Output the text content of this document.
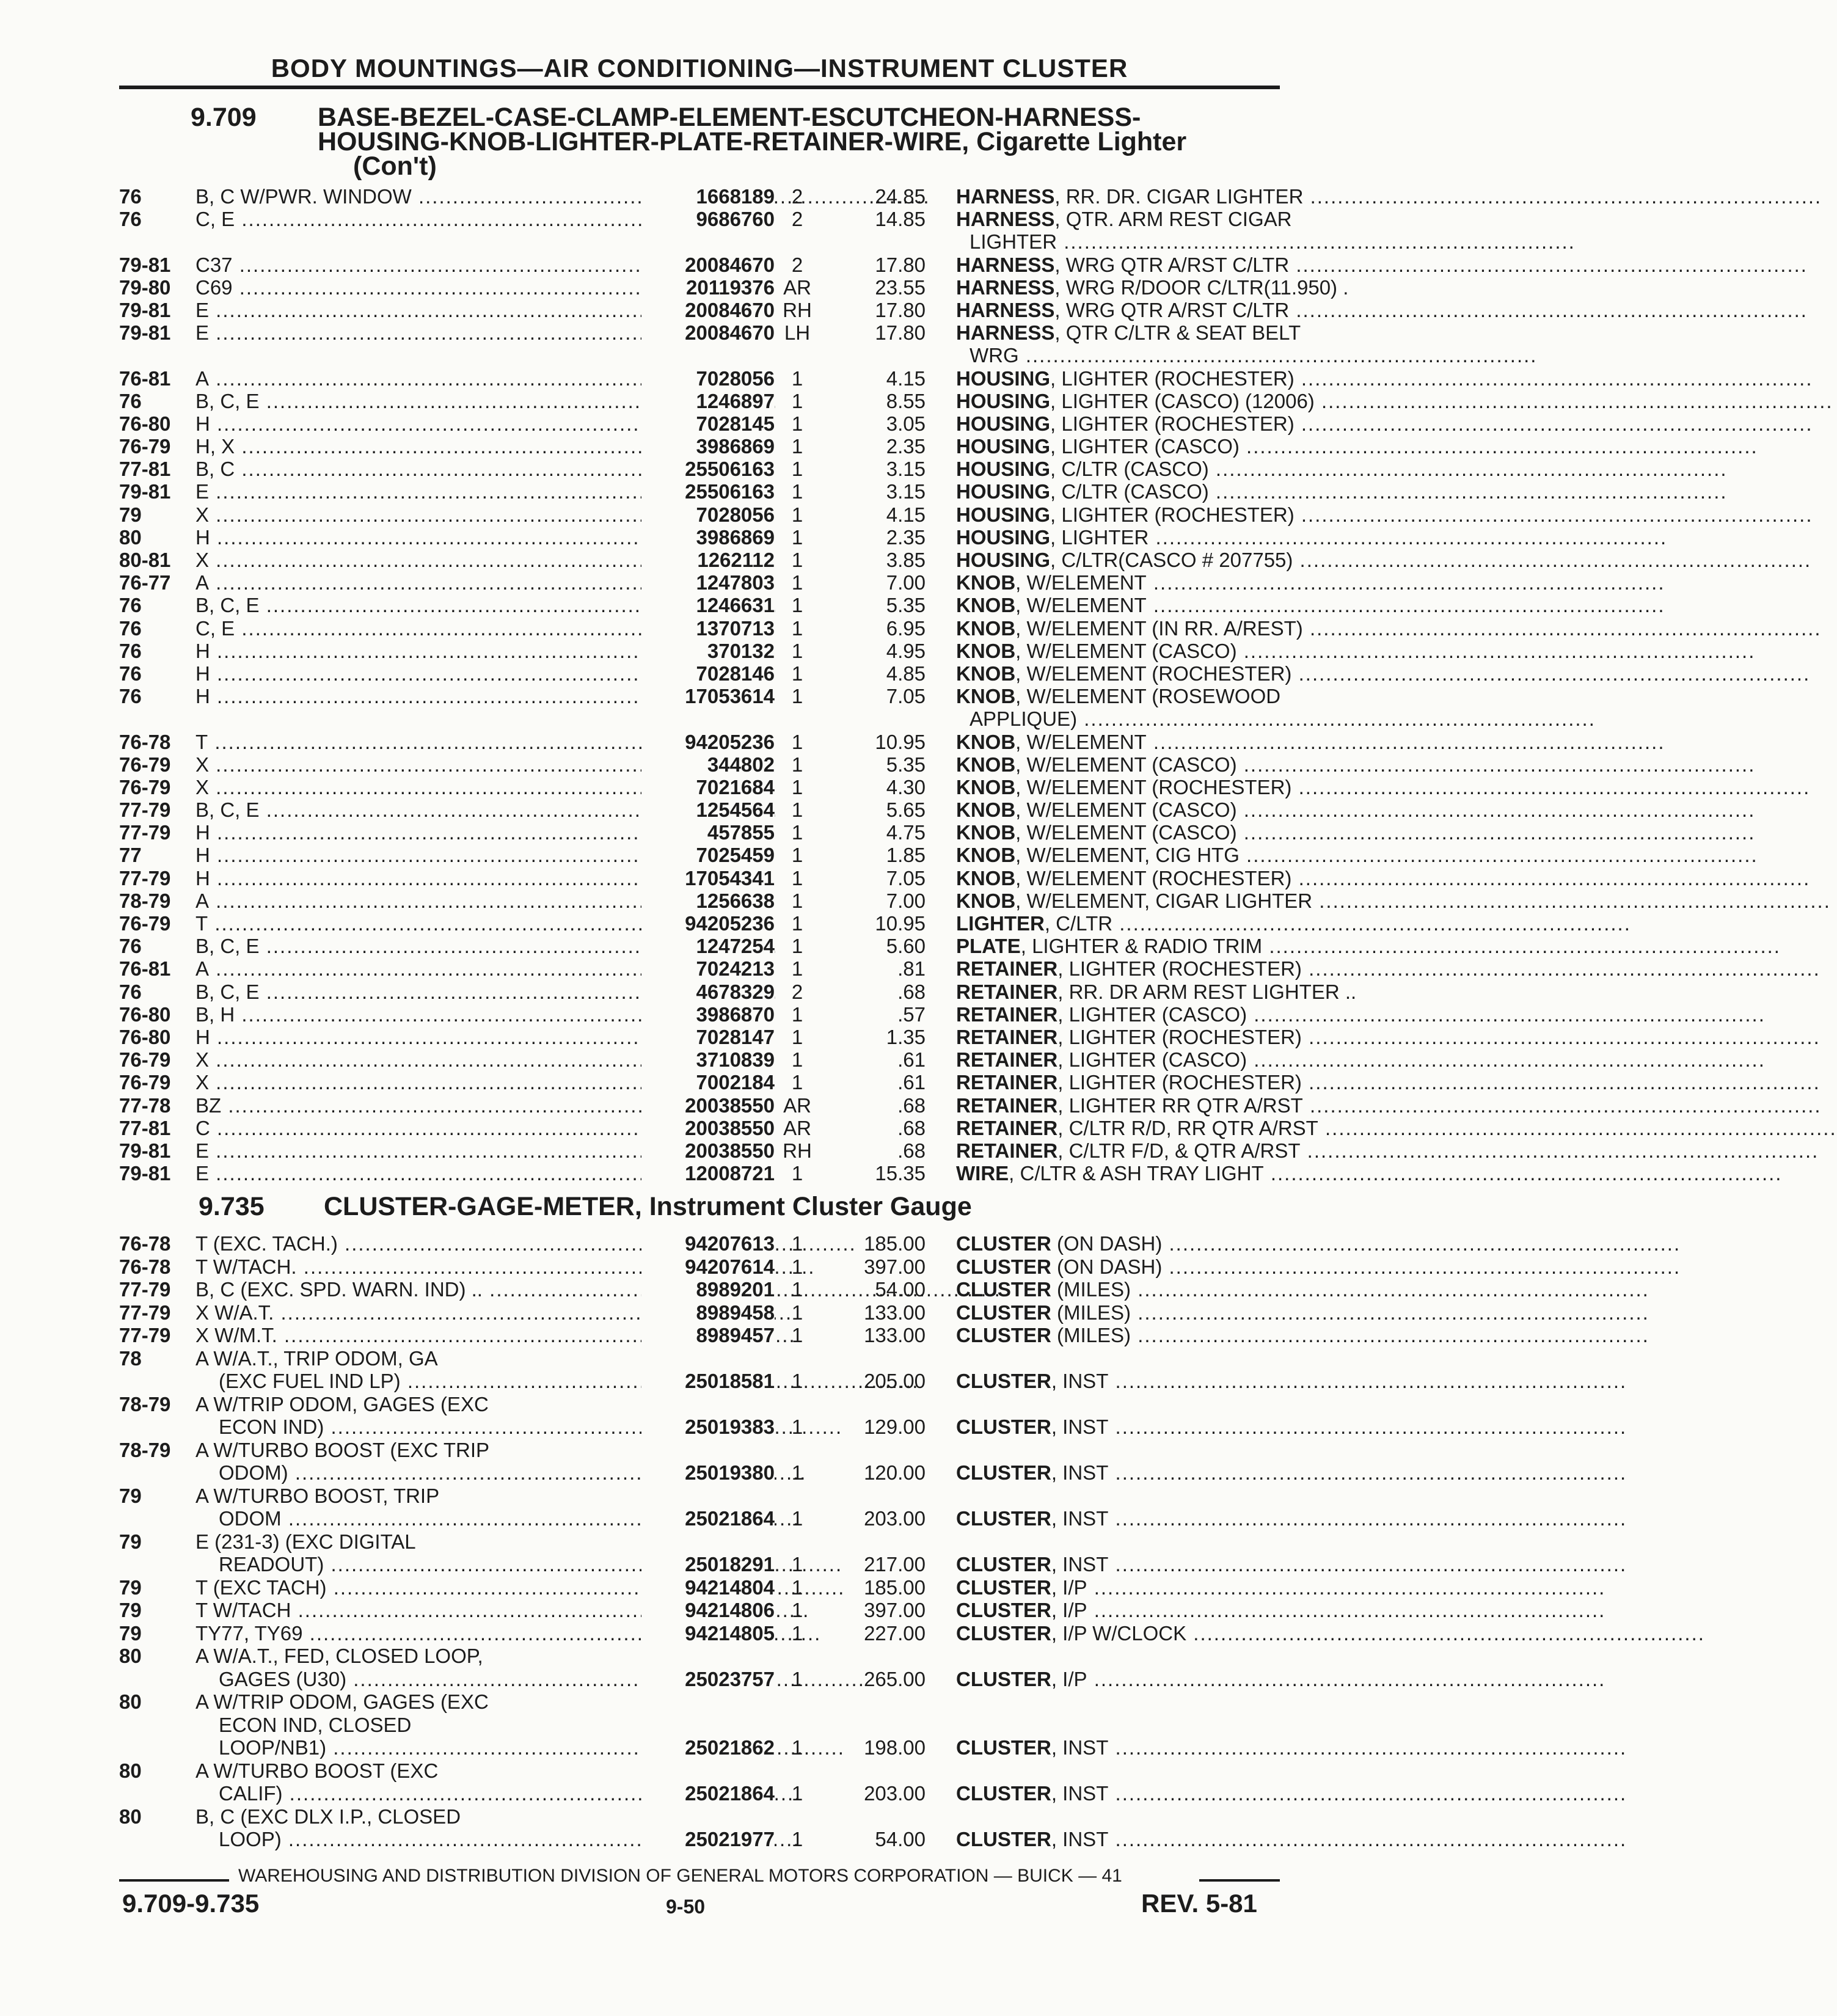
BODY MOUNTINGS—AIR CONDITIONING—INSTRUMENT CLUSTER
9.709 BASE-BEZEL-CASE-CLAMP-ELEMENT-ESCUTCHEON-HARNESS-
HOUSING-KNOB-LIGHTER-PLATE-RETAINER-WIRE, Cigarette Lighter
(Con't)
76	B, C W/PWR. WINDOW .....	1668189 2	24.85 HARNESS, RR. DR. CIGAR LIGHTER .....
76	C, E .....	9686760 2	14.85 HARNESS, QTR. ARM REST CIGAR
LIGHTER .....
79-81	C37 .....	20084670 2	17.80 HARNESS, WRG QTR A/RST C/LTR .....
79-80	C69 .....	20119376 AR	23.55 HARNESS, WRG R/DOOR C/LTR(11.950) .
79-81	E .....	20084670 RH	17.80 HARNESS, WRG QTR A/RST C/LTR .....
79-81	E .....	20084670 LH	17.80 HARNESS, QTR C/LTR & SEAT BELT
WRG .....
76-81	A .....	7028056 1	4.15 HOUSING, LIGHTER (ROCHESTER) .....
76	B, C, E .....	1246897 1	8.55 HOUSING, LIGHTER (CASCO) (12006) .....
76-80	H .....	7028145 1	3.05 HOUSING, LIGHTER (ROCHESTER) .....
76-79	H, X .....	3986869 1	2.35 HOUSING, LIGHTER (CASCO) .....
77-81	B, C .....	25506163 1	3.15 HOUSING, C/LTR (CASCO) .....
79-81	E .....	25506163 1	3.15 HOUSING, C/LTR (CASCO) .....
79	X .....	7028056 1	4.15 HOUSING, LIGHTER (ROCHESTER) .....
80	H .....	3986869 1	2.35 HOUSING, LIGHTER .....
80-81	X .....	1262112 1	3.85 HOUSING, C/LTR(CASCO # 207755) .....
76-77	A .....	1247803 1	7.00 KNOB, W/ELEMENT .....
76	B, C, E .....	1246631 1	5.35 KNOB, W/ELEMENT .....
76	C, E .....	1370713 1	6.95 KNOB, W/ELEMENT (IN RR. A/REST) .....
76	H .....	370132 1	4.95 KNOB, W/ELEMENT (CASCO) .....
76	H .....	7028146 1	4.85 KNOB, W/ELEMENT (ROCHESTER) .....
76	H .....	17053614 1	7.05 KNOB, W/ELEMENT (ROSEWOOD
APPLIQUE) .....
76-78	T .....	94205236 1	10.95 KNOB, W/ELEMENT .....
76-79	X .....	344802 1	5.35 KNOB, W/ELEMENT (CASCO) .....
76-79	X .....	7021684 1	4.30 KNOB, W/ELEMENT (ROCHESTER) .....
77-79	B, C, E .....	1254564 1	5.65 KNOB, W/ELEMENT (CASCO) .....
77-79	H .....	457855 1	4.75 KNOB, W/ELEMENT (CASCO) .....
77	H .....	7025459 1	1.85 KNOB, W/ELEMENT, CIG HTG .....
77-79	H .....	17054341 1	7.05 KNOB, W/ELEMENT (ROCHESTER) .....
78-79	A .....	1256638 1	7.00 KNOB, W/ELEMENT, CIGAR LIGHTER .....
76-79	T .....	94205236 1	10.95 LIGHTER, C/LTR .....
76	B, C, E .....	1247254 1	5.60 PLATE, LIGHTER & RADIO TRIM .....
76-81	A .....	7024213 1	.81 RETAINER, LIGHTER (ROCHESTER) .....
76	B, C, E .....	4678329 2	.68 RETAINER, RR. DR ARM REST LIGHTER ..
76-80	B, H .....	3986870 1	.57 RETAINER, LIGHTER (CASCO) .....
76-80	H .....	7028147 1	1.35 RETAINER, LIGHTER (ROCHESTER) .....
76-79	X .....	3710839 1	.61 RETAINER, LIGHTER (CASCO) .....
76-79	X .....	7002184 1	.61 RETAINER, LIGHTER (ROCHESTER) .....
77-78	BZ .....	20038550 AR	.68 RETAINER, LIGHTER RR QTR A/RST .....
77-81	C .....	20038550 AR	.68 RETAINER, C/LTR R/D, RR QTR A/RST .....
79-81	E .....	20038550 RH	.68 RETAINER, C/LTR F/D, & QTR A/RST .....
79-81	E .....	12008721 1	15.35 WIRE, C/LTR & ASH TRAY LIGHT .....
9.735 CLUSTER-GAGE-METER, Instrument Cluster Gauge
76-78	T (EXC. TACH.) .....	94207613 1	185.00 CLUSTER (ON DASH) .....
76-78	T W/TACH. .....	94207614 1	397.00 CLUSTER (ON DASH) .....
77-79	B, C (EXC. SPD. WARN. IND) .. .....	8989201 1	54.00 CLUSTER (MILES) .....
77-79	X W/A.T. .....	8989458 1	133.00 CLUSTER (MILES) .....
77-79	X W/M.T. .....	8989457 1	133.00 CLUSTER (MILES) .....
78	A W/A.T., TRIP ODOM, GA
(EXC FUEL IND LP) .....	25018581 1	205.00 CLUSTER, INST .....
78-79	A W/TRIP ODOM, GAGES (EXC
ECON IND) .....	25019383 1	129.00 CLUSTER, INST .....
78-79	A W/TURBO BOOST (EXC TRIP
ODOM) .....	25019380 1	120.00 CLUSTER, INST .....
79	A W/TURBO BOOST, TRIP
ODOM .....	25021864 1	203.00 CLUSTER, INST .....
79	E (231-3) (EXC DIGITAL
READOUT) .....	25018291 1	217.00 CLUSTER, INST .....
79	T (EXC TACH) .....	94214804 1	185.00 CLUSTER, I/P .....
79	T W/TACH .....	94214806 1	397.00 CLUSTER, I/P .....
79	TY77, TY69 .....	94214805 1	227.00 CLUSTER, I/P W/CLOCK .....
80	A W/A.T., FED, CLOSED LOOP,
GAGES (U30) .....	25023757 1	265.00 CLUSTER, I/P .....
80	A W/TRIP ODOM, GAGES (EXC
ECON IND, CLOSED
LOOP/NB1) .....	25021862 1	198.00 CLUSTER, INST .....
80	A W/TURBO BOOST (EXC
CALIF) .....	25021864 1	203.00 CLUSTER, INST .....
80	B, C (EXC DLX I.P., CLOSED
LOOP) .....	25021977 1	54.00 CLUSTER, INST .....
WAREHOUSING AND DISTRIBUTION DIVISION OF GENERAL MOTORS CORPORATION — BUICK — 41
9.709-9.735	9-50	REV. 5-81
